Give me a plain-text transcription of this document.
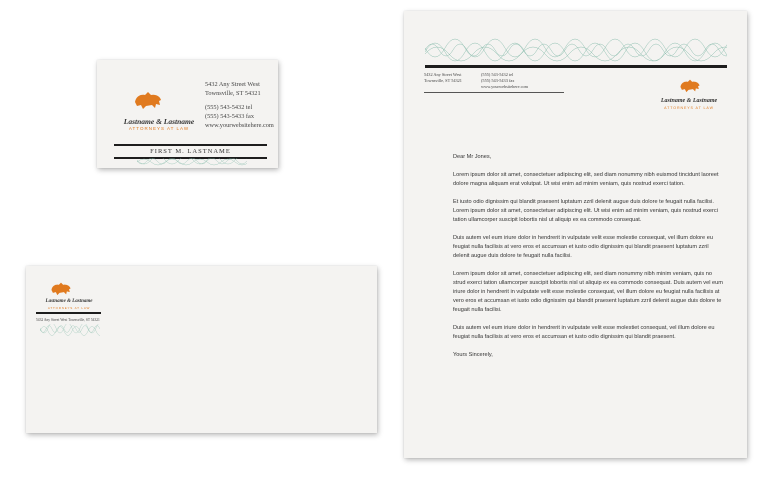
Lastname & Lastname
ATTORNEYS AT LAW
5432 Any Street West
Townsville, ST 54321
(555) 543-5432 tel
(555) 543-5433 fax
www.yourwebsitehere.com
FIRST M. LASTNAME
Lastname & Lastname
ATTORNEYS AT LAW
5432 Any Street West Townsville, ST 54321
5432 Any Street West
Townsville, ST 54321
(555) 543-5432 tel
(555) 543-5433 fax
www.yourwebsitehere.com
Lastname & Lastname
ATTORNEYS AT LAW

Dear Mr Jones,

Lorem ipsum dolor sit amet, consectetuer adipiscing elit, sed diam nonummy nibh euismod tincidunt laoreet dolore magna aliquam erat volutpat. Ut wisi enim ad minim veniam, quis nostrud exerci tation.

Et iusto odio dignissim qui blandit praesent luptatum zzril delenit augue duis dolore te feugait nulla facilisi. Lorem ipsum dolor sit amet, consectetuer adipiscing elit. Ut wisi enim ad minim veniam, quis nostrud exerci tation ullamcorper suscipit lobortis nisl ut aliquip ex ea commodo consequat.

Duis autem vel eum iriure dolor in hendrerit in vulputate velit esse molestie consequat, vel illum dolore eu feugiat nulla facilisis at vero eros et accumsan et iusto odio dignissim qui blandit praesent luptatum zzril delenit augue duis dolore te feugait nulla facilisi.

Lorem ipsum dolor sit amet, consectetuer adipiscing elit, sed diam nonummy nibh minim veniam, quis no strud exerci tation ullamcorper suscipit lobortis nisl ut aliquip ex ea commodo consequat. Duis autem vel eum iriure dolor in hendrerit in vulputate velit esse molestie consequat, vel illum dolore eu feugiat nulla facilisis at vero eros et accumsan et iusto odio dignissim qui blandit praesent luptatum zzril delenit augue duis dolore te feugait nulla facilisi.

Duis autem vel eum iriure dolor in hendrerit in vulputate velit esse molestiet consequat, vel illum dolore eu feugiat nulla facilisis at vero eros et accumsan et iusto odio dignissim qui blandit praesent.

Yours Sincerely,
